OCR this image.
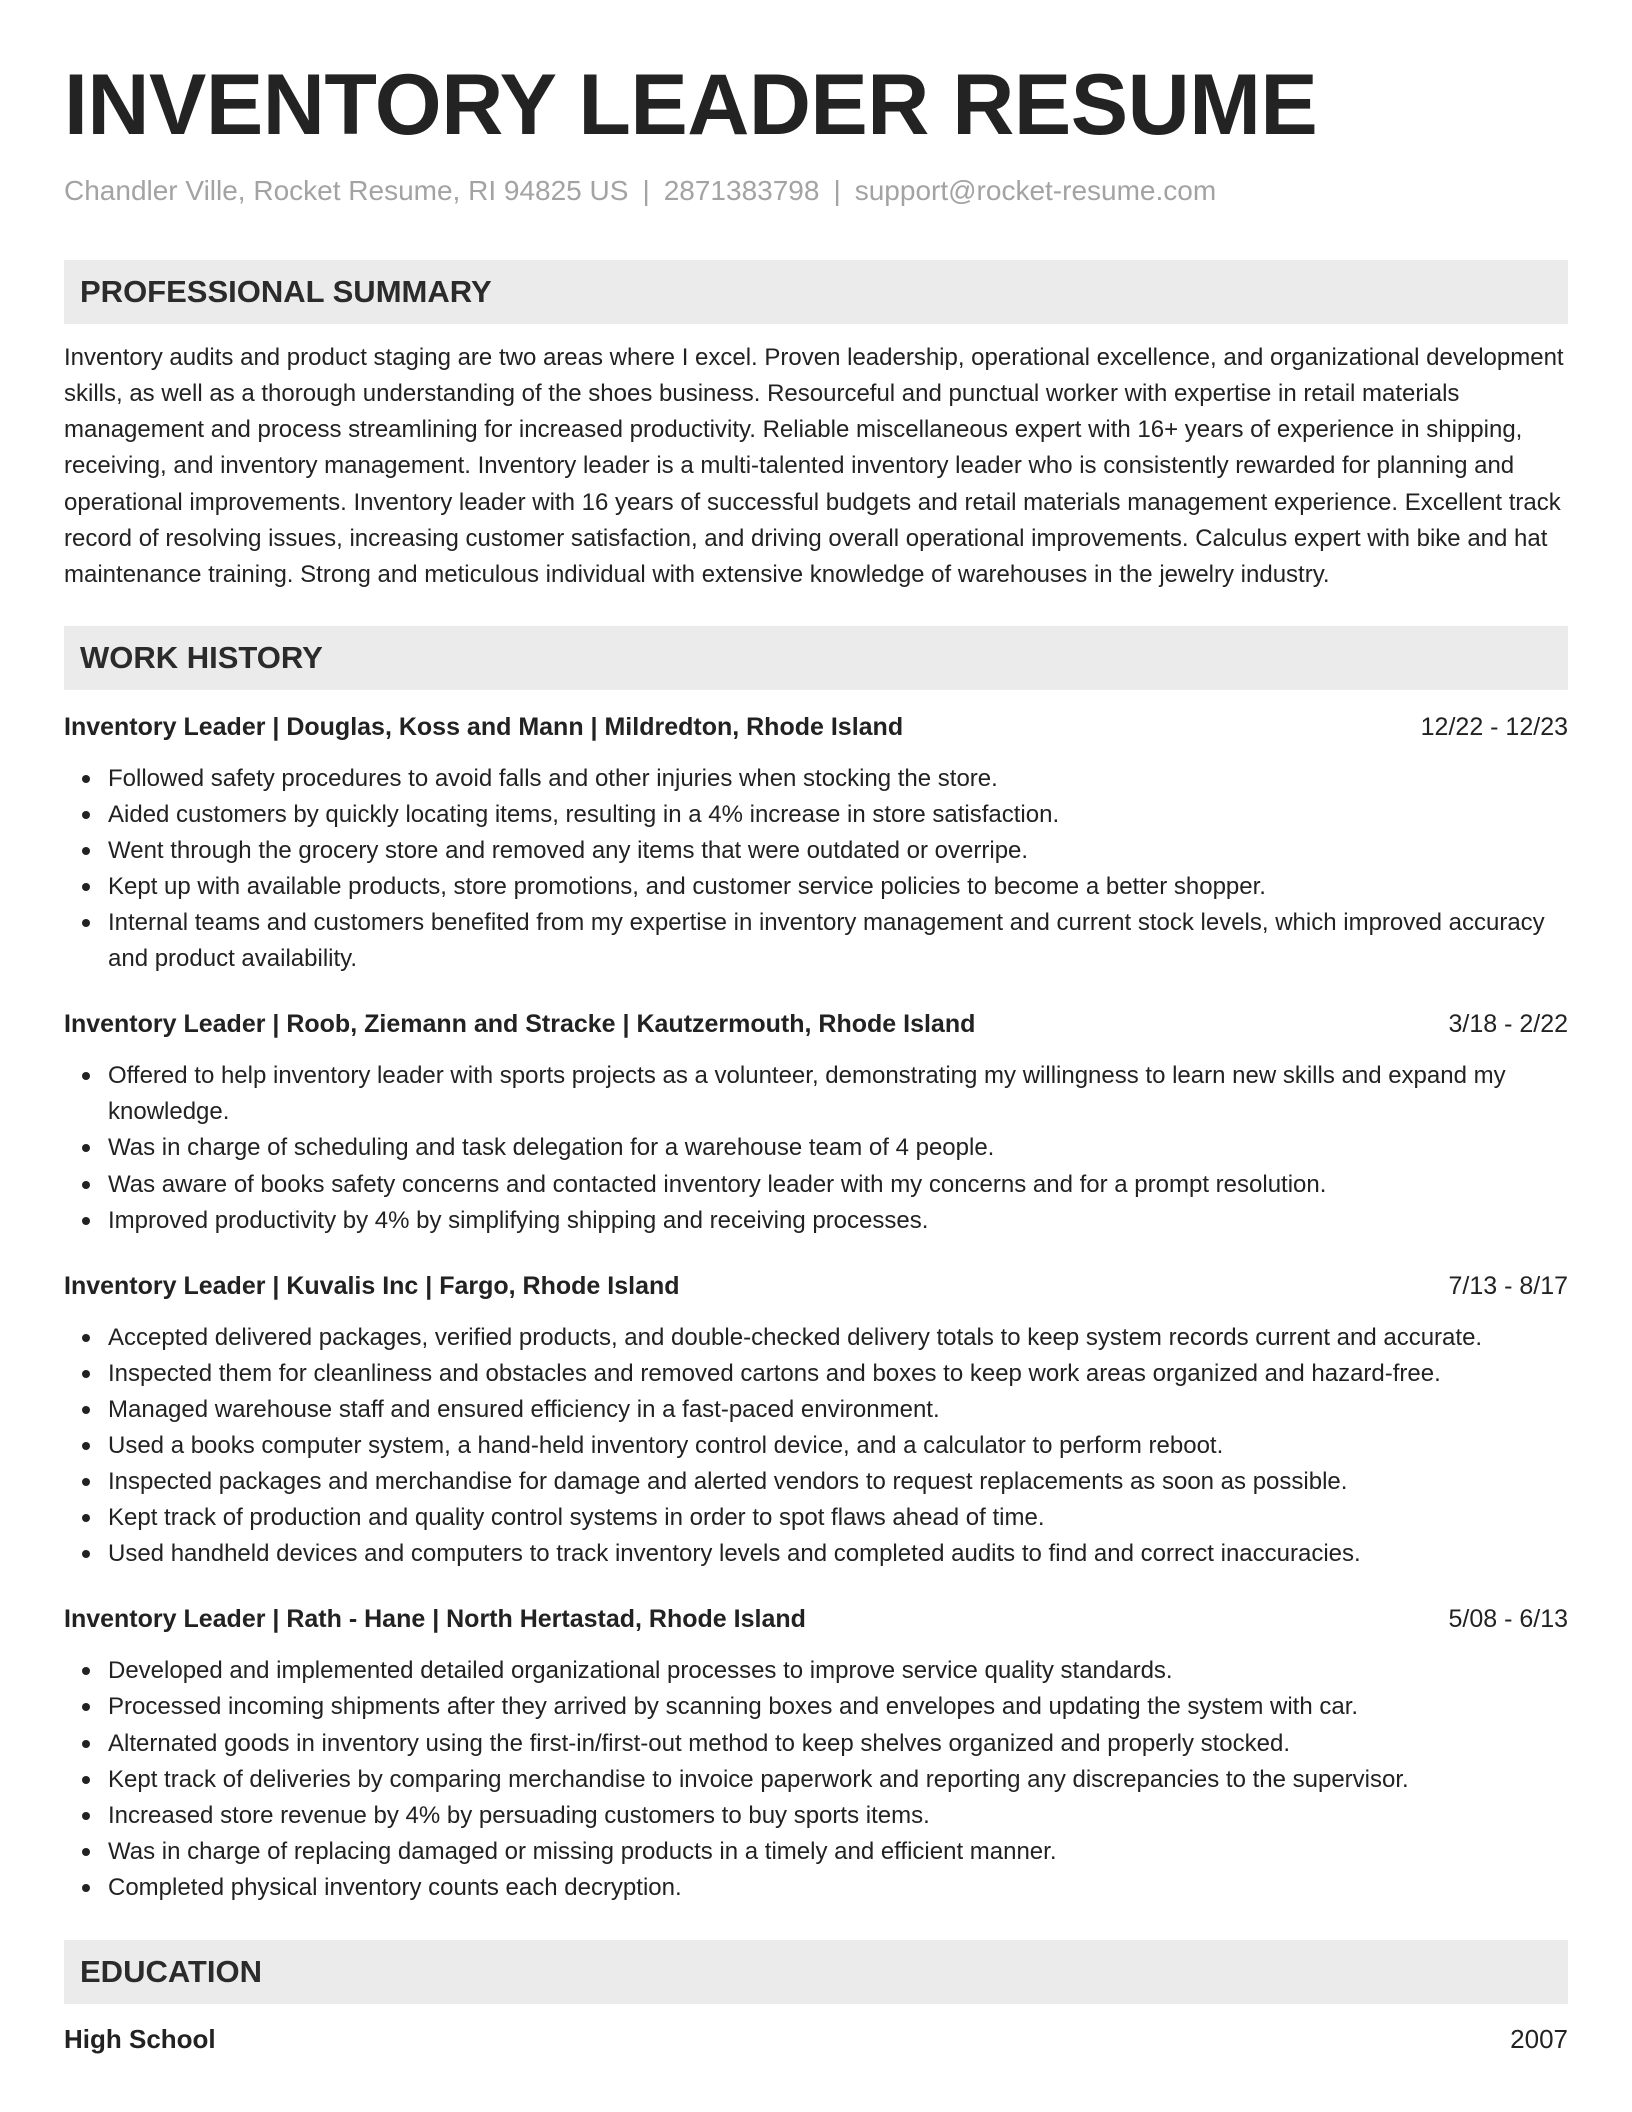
INVENTORY LEADER RESUME
Chandler Ville, Rocket Resume, RI 94825 US | 2871383798 | support@rocket-resume.com
PROFESSIONAL SUMMARY

Inventory audits and product staging are two areas where I excel. Proven leadership, operational excellence, and organizational development skills, as well as a thorough understanding of the shoes business. Resourceful and punctual worker with expertise in retail materials management and process streamlining for increased productivity. Reliable miscellaneous expert with 16+ years of experience in shipping, receiving, and inventory management. Inventory leader is a multi-talented inventory leader who is consistently rewarded for planning and operational improvements. Inventory leader with 16 years of successful budgets and retail materials management experience. Excellent track record of resolving issues, increasing customer satisfaction, and driving overall operational improvements. Calculus expert with bike and hat maintenance training. Strong and meticulous individual with extensive knowledge of warehouses in the jewelry industry.

WORK HISTORY
Inventory Leader | Douglas, Koss and Mann | Mildredton, Rhode Island	12/22 - 12/23
Followed safety procedures to avoid falls and other injuries when stocking the store.
Aided customers by quickly locating items, resulting in a 4% increase in store satisfaction.
Went through the grocery store and removed any items that were outdated or overripe.
Kept up with available products, store promotions, and customer service policies to become a better shopper.
Internal teams and customers benefited from my expertise in inventory management and current stock levels, which improved accuracy and product availability.
Inventory Leader | Roob, Ziemann and Stracke | Kautzermouth, Rhode Island	3/18 - 2/22
Offered to help inventory leader with sports projects as a volunteer, demonstrating my willingness to learn new skills and expand my knowledge.
Was in charge of scheduling and task delegation for a warehouse team of 4 people.
Was aware of books safety concerns and contacted inventory leader with my concerns and for a prompt resolution.
Improved productivity by 4% by simplifying shipping and receiving processes.
Inventory Leader | Kuvalis Inc | Fargo, Rhode Island	7/13 - 8/17
Accepted delivered packages, verified products, and double-checked delivery totals to keep system records current and accurate.
Inspected them for cleanliness and obstacles and removed cartons and boxes to keep work areas organized and hazard-free.
Managed warehouse staff and ensured efficiency in a fast-paced environment.
Used a books computer system, a hand-held inventory control device, and a calculator to perform reboot.
Inspected packages and merchandise for damage and alerted vendors to request replacements as soon as possible.
Kept track of production and quality control systems in order to spot flaws ahead of time.
Used handheld devices and computers to track inventory levels and completed audits to find and correct inaccuracies.
Inventory Leader | Rath - Hane | North Hertastad, Rhode Island	5/08 - 6/13
Developed and implemented detailed organizational processes to improve service quality standards.
Processed incoming shipments after they arrived by scanning boxes and envelopes and updating the system with car.
Alternated goods in inventory using the first-in/first-out method to keep shelves organized and properly stocked.
Kept track of deliveries by comparing merchandise to invoice paperwork and reporting any discrepancies to the supervisor.
Increased store revenue by 4% by persuading customers to buy sports items.
Was in charge of replacing damaged or missing products in a timely and efficient manner.
Completed physical inventory counts each decryption.
EDUCATION
High School	2007
